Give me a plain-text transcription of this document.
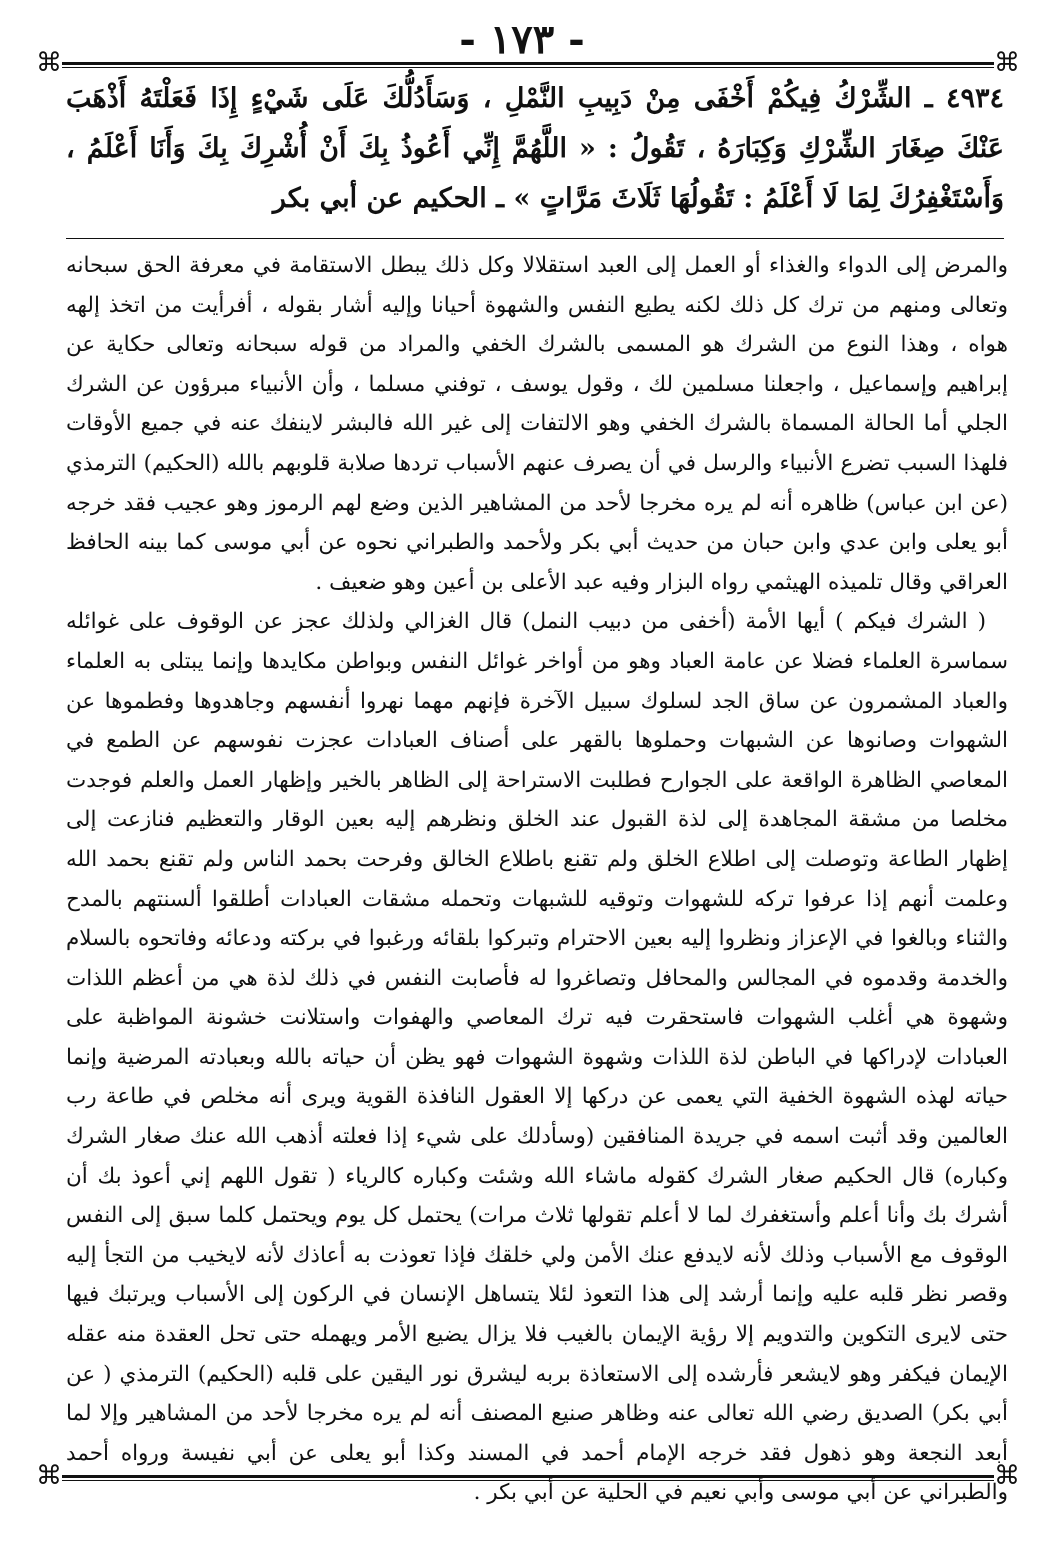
- ١٧٣ -
⌘	⌘
⌘	⌘
٤٩٣٤ ـ الشِّرْكُ فِيكُمْ أَخْفَى مِنْ دَبِيبِ النَّمْلِ ، وَسَأَدُلُّكَ عَلَى شَيْءٍ إِذَا فَعَلْتَهُ أَذْهَبَ عَنْكَ صِغَارَ الشِّرْكِ وَكِبَارَهُ ، تَقُولُ : « اللَّهُمَّ إِنِّي أَعُوذُ بِكَ أَنْ أُشْرِكَ بِكَ وَأَنَا أَعْلَمُ ، وَأَسْتَغْفِرُكَ لِمَا لَا أَعْلَمُ : تَقُولُهَا ثَلَاثَ مَرَّاتٍ » ـ الحكيم عن أبي بكر

والمرض إلى الدواء والغذاء أو العمل إلى العبد استقلالا وكل ذلك يبطل الاستقامة في معرفة الحق سبحانه وتعالى ومنهم من ترك كل ذلك لكنه يطيع النفس والشهوة أحيانا وإليه أشار بقوله ، أفرأيت من اتخذ إلهه هواه ، وهذا النوع من الشرك هو المسمى بالشرك الخفي والمراد من قوله سبحانه وتعالى حكاية عن إبراهيم وإسماعيل ، واجعلنا مسلمين لك ، وقول يوسف ، توفني مسلما ، وأن الأنبياء مبرؤون عن الشرك الجلي أما الحالة المسماة بالشرك الخفي وهو الالتفات إلى غير الله فالبشر لاينفك عنه في جميع الأوقات فلهذا السبب تضرع الأنبياء والرسل في أن يصرف عنهم الأسباب تردها صلابة قلوبهم بالله (الحكيم) الترمذي (عن ابن عباس) ظاهره أنه لم يره مخرجا لأحد من المشاهير الذين وضع لهم الرموز وهو عجيب فقد خرجه أبو يعلى وابن عدي وابن حبان من حديث أبي بكر ولأحمد والطبراني نحوه عن أبي موسى كما بينه الحافظ العراقي وقال تلميذه الهيثمي رواه البزار وفيه عبد الأعلى بن أعين وهو ضعيف .

( الشرك فيكم ) أيها الأمة (أخفى من دبيب النمل) قال الغزالي ولذلك عجز عن الوقوف على غوائله سماسرة العلماء فضلا عن عامة العباد وهو من أواخر غوائل النفس وبواطن مكايدها وإنما يبتلى به العلماء والعباد المشمرون عن ساق الجد لسلوك سبيل الآخرة فإنهم مهما نهروا أنفسهم وجاهدوها وفطموها عن الشهوات وصانوها عن الشبهات وحملوها بالقهر على أصناف العبادات عجزت نفوسهم عن الطمع في المعاصي الظاهرة الواقعة على الجوارح فطلبت الاستراحة إلى الظاهر بالخير وإظهار العمل والعلم فوجدت مخلصا من مشقة المجاهدة إلى لذة القبول عند الخلق ونظرهم إليه بعين الوقار والتعظيم فنازعت إلى إظهار الطاعة وتوصلت إلى اطلاع الخلق ولم تقنع باطلاع الخالق وفرحت بحمد الناس ولم تقنع بحمد الله وعلمت أنهم إذا عرفوا تركه للشهوات وتوقيه للشبهات وتحمله مشقات العبادات أطلقوا ألسنتهم بالمدح والثناء وبالغوا في الإعزاز ونظروا إليه بعين الاحترام وتبركوا بلقائه ورغبوا في بركته ودعائه وفاتحوه بالسلام والخدمة وقدموه في المجالس والمحافل وتصاغروا له فأصابت النفس في ذلك لذة هي من أعظم اللذات وشهوة هي أغلب الشهوات فاستحقرت فيه ترك المعاصي والهفوات واستلانت خشونة المواظبة على العبادات لإدراكها في الباطن لذة اللذات وشهوة الشهوات فهو يظن أن حياته بالله وبعبادته المرضية وإنما حياته لهذه الشهوة الخفية التي يعمى عن دركها إلا العقول النافذة القوية ويرى أنه مخلص في طاعة رب العالمين وقد أثبت اسمه في جريدة المنافقين (وسأدلك على شيء إذا فعلته أذهب الله عنك صغار الشرك وكباره) قال الحكيم صغار الشرك كقوله ماشاء الله وشئت وكباره كالرياء ( تقول اللهم إني أعوذ بك أن أشرك بك وأنا أعلم وأستغفرك لما لا أعلم تقولها ثلاث مرات) يحتمل كل يوم ويحتمل كلما سبق إلى النفس الوقوف مع الأسباب وذلك لأنه لايدفع عنك الأمن ولي خلقك فإذا تعوذت به أعاذك لأنه لايخيب من التجأ إليه وقصر نظر قلبه عليه وإنما أرشد إلى هذا التعوذ لئلا يتساهل الإنسان في الركون إلى الأسباب ويرتبك فيها حتى لايرى التكوين والتدويم إلا رؤية الإيمان بالغيب فلا يزال يضيع الأمر ويهمله حتى تحل العقدة منه عقله الإيمان فيكفر وهو لايشعر فأرشده إلى الاستعاذة بربه ليشرق نور اليقين على قلبه (الحكيم) الترمذي ( عن أبي بكر) الصديق رضي الله تعالى عنه وظاهر صنيع المصنف أنه لم يره مخرجا لأحد من المشاهير وإلا لما أبعد النجعة وهو ذهول فقد خرجه الإمام أحمد في المسند وكذا أبو يعلى عن أبي نفيسة ورواه أحمد والطبراني عن أبي موسى وأبي نعيم في الحلية عن أبي بكر .
